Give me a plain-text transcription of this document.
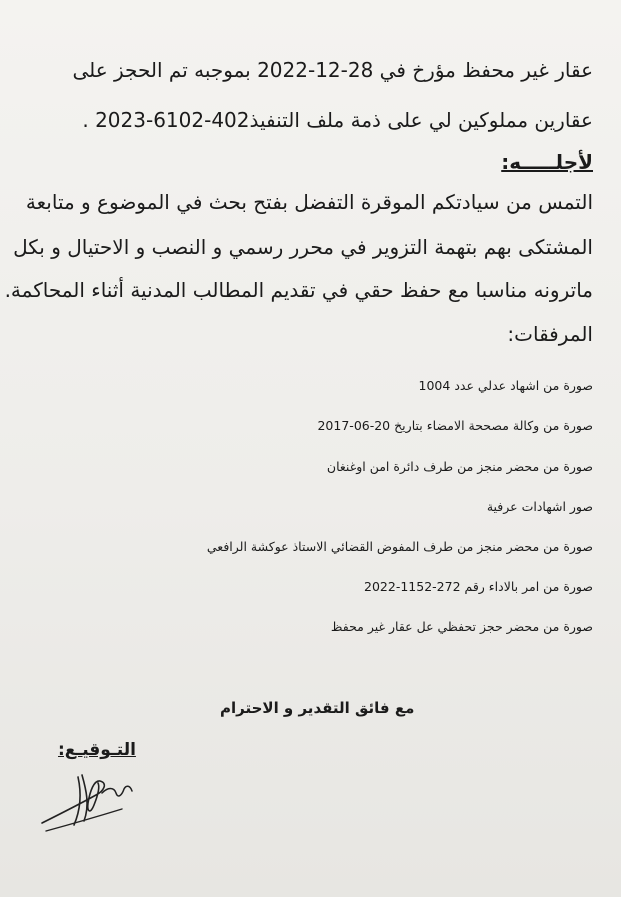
عقار غير محفظ مؤرخ في 28-12-2022 بموجبه تم الحجز على
عقارين مملوكين لي على ذمة ملف التنفيذ402-6102-2023 .
لأجلـــــه:
التمس من سيادتكم الموقرة التفضل بفتح بحث في الموضوع و متابعة
المشتكى بهم بتهمة التزوير في محرر رسمي و النصب و الاحتيال و بكل
ماترونه مناسبا مع حفظ حقي في تقديم المطالب المدنية أثناء المحاكمة.
المرفقات:
صورة من اشهاد عدلي عدد 1004
صورة من وكالة مصححة الامضاء بتاريخ 20-06-2017
صورة من محضر منجز من طرف دائرة امن اوغنغان
صور اشهادات عرفية
صورة من محضر منجز من طرف المفوض القضائي الاستاذ عوكشة الرافعي
صورة من امر بالاداء رقم 272-1152-2022
صورة من محضر حجز تحفظي عل عقار غير محفظ
مع فائق التقدير و الاحترام
التـوقيـع:
